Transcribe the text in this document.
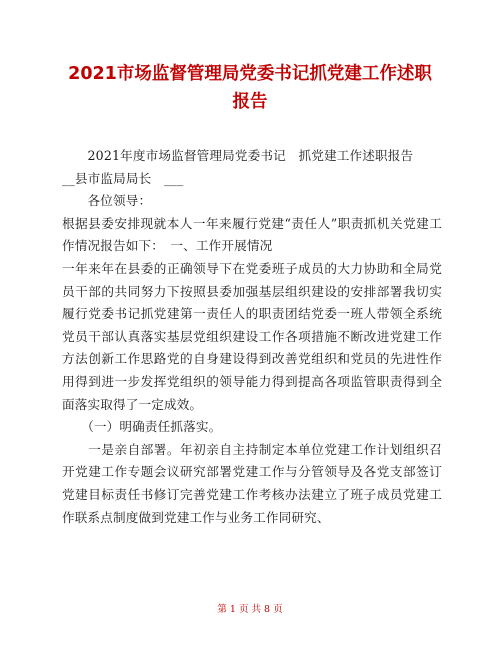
2021市场监督管理局党委书记抓党建工作述职
报告

　　2021年度市场监督管理局党委书记　抓党建工作述职报告

__县市监局局长　___

　　各位领导：

根据县委安排现就本人一年来履行党建“责任人”职责抓机关党建工作情况报告如下：　一、工作开展情况

一年来年在县委的正确领导下在党委班子成员的大力协助和全局党员干部的共同努力下按照县委加强基层组织建设的安排部署我切实履行党委书记抓党建第一责任人的职责团结党委一班人带领全系统党员干部认真落实基层党组织建设工作各项措施不断改进党建工作方法创新工作思路党的自身建设得到改善党组织和党员的先进性作用得到进一步发挥党组织的领导能力得到提高各项监管职责得到全面落实取得了一定成效。

　　（一）明确责任抓落实。

　　一是亲自部署。年初亲自主持制定本单位党建工作计划组织召开党建工作专题会议研究部署党建工作与分管领导及各党支部签订党建目标责任书修订完善党建工作考核办法建立了班子成员党建工作联系点制度做到党建工作与业务工作同研究、

第 1 页 共 8 页
